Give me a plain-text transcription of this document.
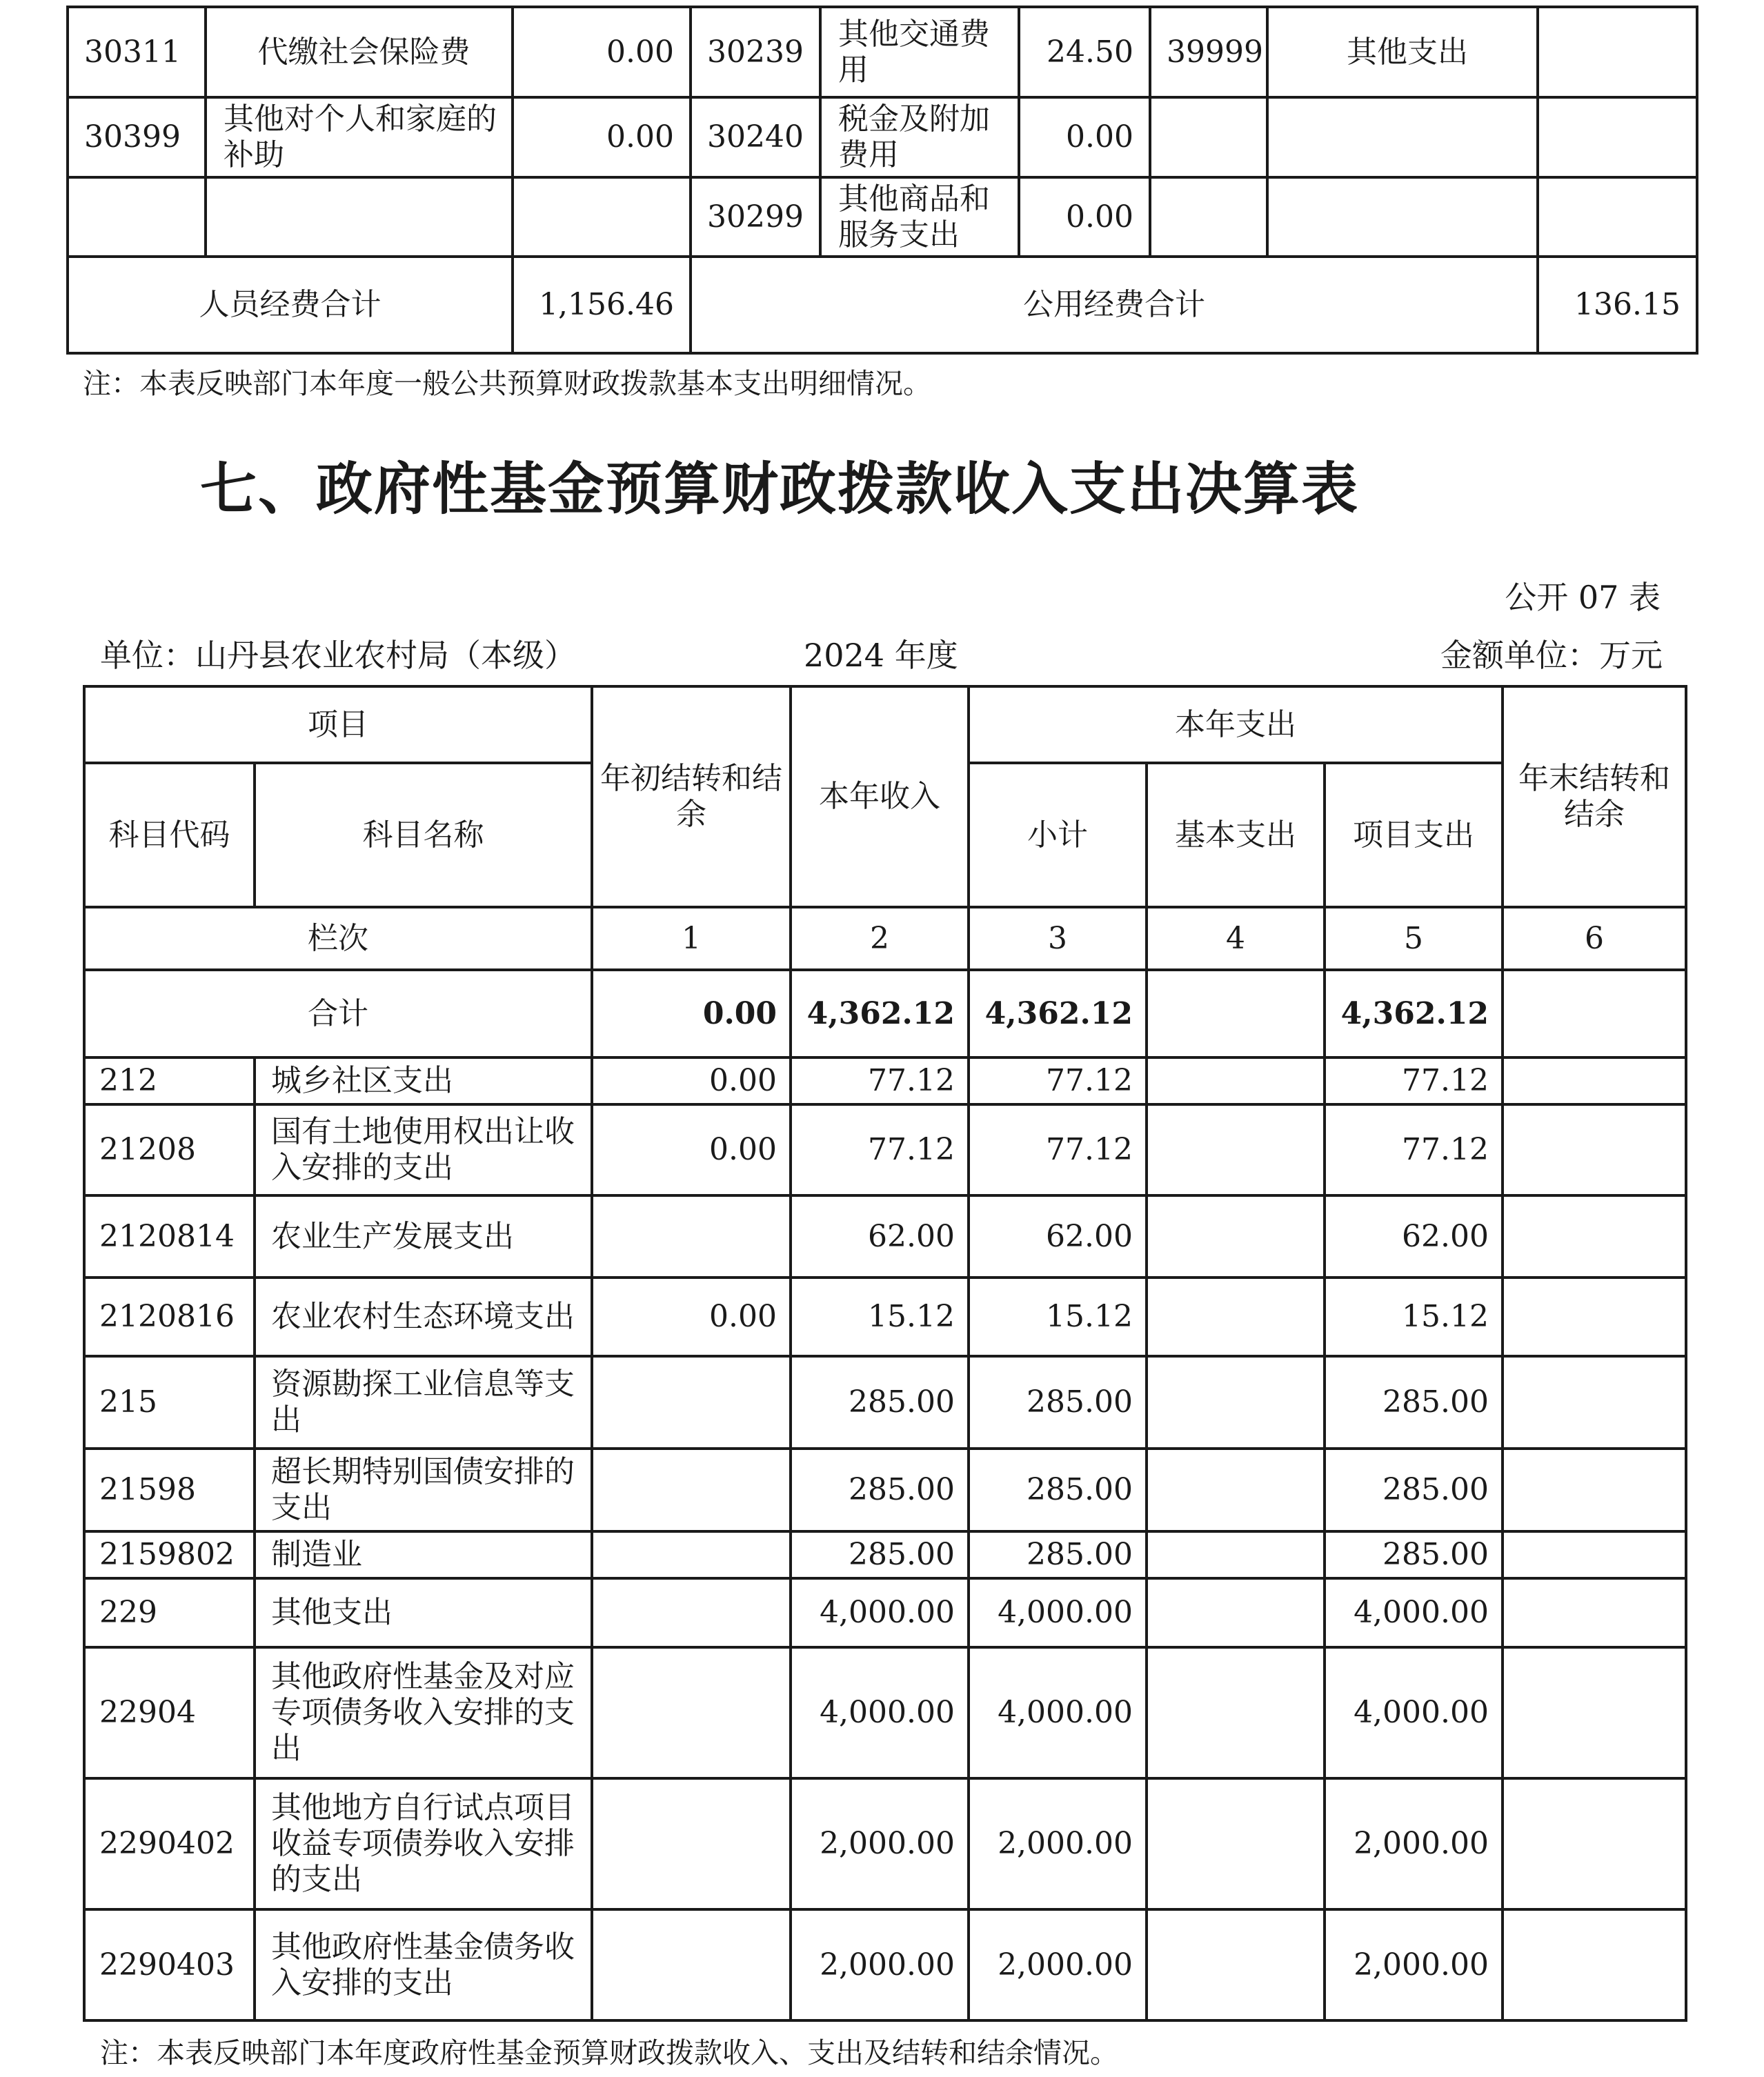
30311	代缴社会保险费	0.00	30239	其他交通费用	24.50	39999	其他支出	
30399	其他对个人和家庭的补助	0.00	30240	税金及附加费用	0.00			
			30299	其他商品和服务支出	0.00			
人员经费合计		1,156.46	公用经费合计					136.15
注：本表反映部门本年度一般公共预算财政拨款基本支出明细情况。
七、政府性基金预算财政拨款收入支出决算表
公开 07 表
单位：山丹县农业农村局（本级）	2024 年度	金额单位：万元
项目		年初结转和结余	本年收入	本年支出			年末结转和结余
科目代码	科目名称			小计	基本支出	项目支出	
栏次		1	2	3	4	5	6
合计		0.00	4,362.12	4,362.12		4,362.12	
212	城乡社区支出	0.00	77.12	77.12		77.12	
21208	国有土地使用权出让收入安排的支出	0.00	77.12	77.12		77.12	
2120814	农业生产发展支出		62.00	62.00		62.00	
2120816	农业农村生态环境支出	0.00	15.12	15.12		15.12	
215	资源勘探工业信息等支出		285.00	285.00		285.00	
21598	超长期特别国债安排的支出		285.00	285.00		285.00	
2159802	制造业		285.00	285.00		285.00	
229	其他支出		4,000.00	4,000.00		4,000.00	
22904	其他政府性基金及对应专项债务收入安排的支出		4,000.00	4,000.00		4,000.00	
2290402	其他地方自行试点项目收益专项债券收入安排的支出		2,000.00	2,000.00		2,000.00	
2290403	其他政府性基金债务收入安排的支出		2,000.00	2,000.00		2,000.00	
注：本表反映部门本年度政府性基金预算财政拨款收入、支出及结转和结余情况。
